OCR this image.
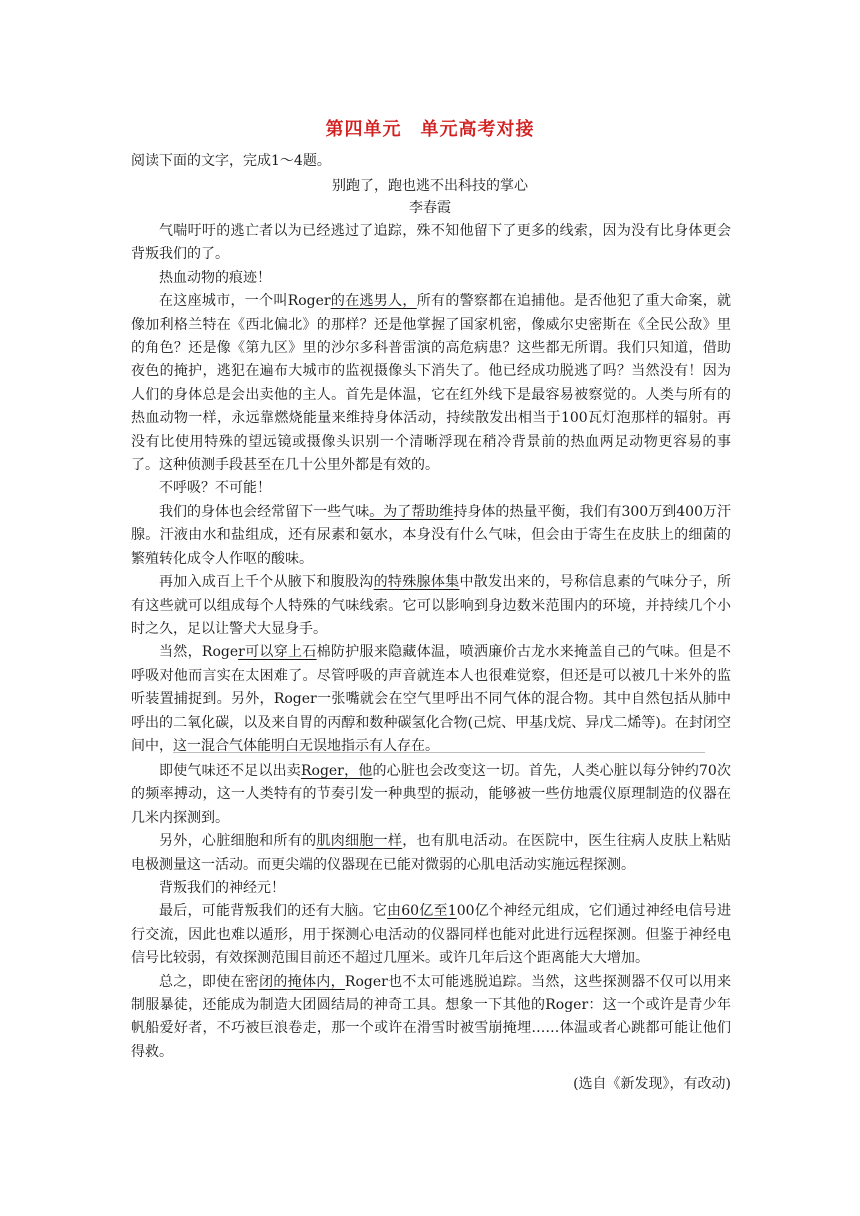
第四单元　单元高考对接
阅读下面的文字，完成1～4题。
别跑了，跑也逃不出科技的掌心
李春霞

气喘吁吁的逃亡者以为已经逃过了追踪，殊不知他留下了更多的线索，因为没有比身体更会背叛我们的了。

热血动物的痕迹！

在这座城市，一个叫Roger的在逃男人，所有的警察都在追捕他。是否他犯了重大命案，就像加利格兰特在《西北偏北》的那样？还是他掌握了国家机密，像威尔史密斯在《全民公敌》里的角色？还是像《第九区》里的沙尔多科普雷演的高危病患？这些都无所谓。我们只知道，借助夜色的掩护，逃犯在遍布大城市的监视摄像头下消失了。他已经成功脱逃了吗？当然没有！因为人们的身体总是会出卖他的主人。首先是体温，它在红外线下是最容易被察觉的。人类与所有的热血动物一样，永远靠燃烧能量来维持身体活动，持续散发出相当于100瓦灯泡那样的辐射。再没有比使用特殊的望远镜或摄像头识别一个清晰浮现在稍冷背景前的热血两足动物更容易的事了。这种侦测手段甚至在几十公里外都是有效的。

不呼吸？不可能！

我们的身体也会经常留下一些气味。为了帮助维持身体的热量平衡，我们有300万到400万汗腺。汗液由水和盐组成，还有尿素和氨水，本身没有什么气味，但会由于寄生在皮肤上的细菌的繁殖转化成令人作呕的酸味。

再加入成百上千个从腋下和腹股沟的特殊腺体集中散发出来的，号称信息素的气味分子，所有这些就可以组成每个人特殊的气味线索。它可以影响到身边数米范围内的环境，并持续几个小时之久，足以让警犬大显身手。

当然，Roger可以穿上石棉防护服来隐藏体温，喷洒廉价古龙水来掩盖自己的气味。但是不呼吸对他而言实在太困难了。尽管呼吸的声音就连本人也很难觉察，但还是可以被几十米外的监听装置捕捉到。另外，Roger一张嘴就会在空气里呼出不同气体的混合物。其中自然包括从肺中呼出的二氧化碳，以及来自胃的丙醇和数种碳氢化合物(己烷、甲基戊烷、异戊二烯等)。在封闭空间中，这一混合气体能明白无误地指示有人存在。

即使气味还不足以出卖Roger，他的心脏也会改变这一切。首先，人类心脏以每分钟约70次的频率搏动，这一人类特有的节奏引发一种典型的振动，能够被一些仿地震仪原理制造的仪器在几米内探测到。

另外，心脏细胞和所有的肌肉细胞一样，也有肌电活动。在医院中，医生往病人皮肤上粘贴电极测量这一活动。而更尖端的仪器现在已能对微弱的心肌电活动实施远程探测。

背叛我们的神经元！

最后，可能背叛我们的还有大脑。它由60亿至100亿个神经元组成，它们通过神经电信号进行交流，因此也难以遁形，用于探测心电活动的仪器同样也能对此进行远程探测。但鉴于神经电信号比较弱，有效探测范围目前还不超过几厘米。或许几年后这个距离能大大增加。

总之，即使在密闭的掩体内，Roger也不太可能逃脱追踪。当然，这些探测器不仅可以用来制服暴徒，还能成为制造大团圆结局的神奇工具。想象一下其他的Roger：这一个或许是青少年帆船爱好者，不巧被巨浪卷走，那一个或许在滑雪时被雪崩掩埋……体温或者心跳都可能让他们得救。

(选自《新发现》，有改动)
